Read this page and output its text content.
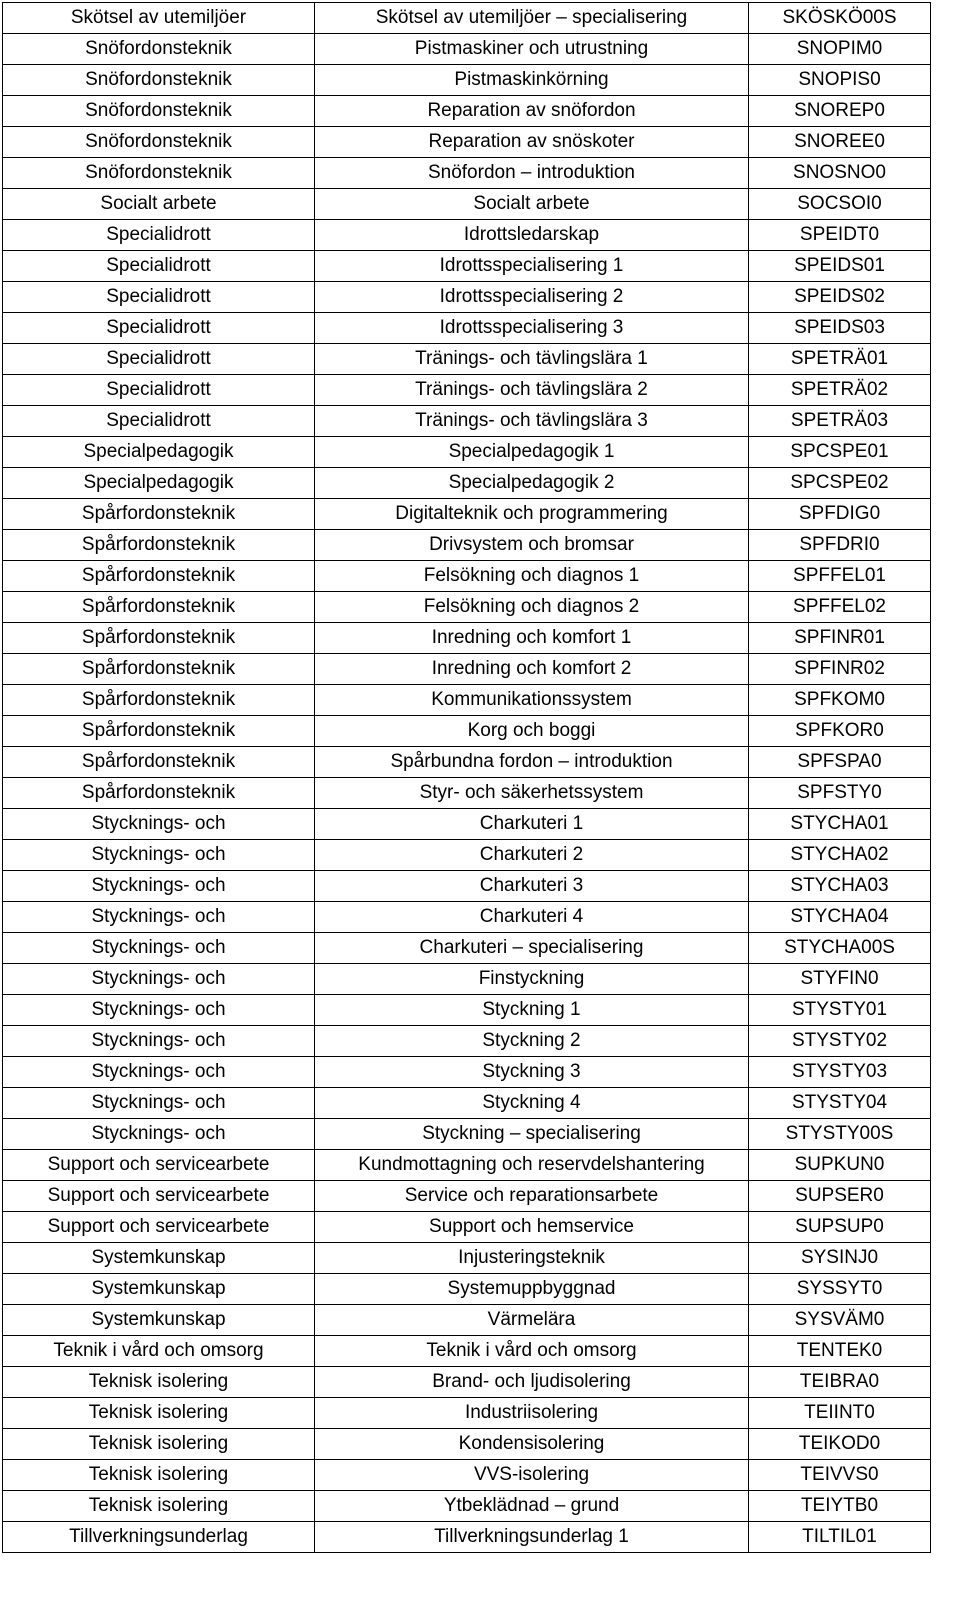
Skötsel av utemiljöer	Skötsel av utemiljöer – specialisering	SKÖSKÖ00S
Snöfordonsteknik	Pistmaskiner och utrustning	SNOPIM0
Snöfordonsteknik	Pistmaskinkörning	SNOPIS0
Snöfordonsteknik	Reparation av snöfordon	SNOREP0
Snöfordonsteknik	Reparation av snöskoter	SNOREE0
Snöfordonsteknik	Snöfordon – introduktion	SNOSNO0
Socialt arbete	Socialt arbete	SOCSOI0
Specialidrott	Idrottsledarskap	SPEIDT0
Specialidrott	Idrottsspecialisering 1	SPEIDS01
Specialidrott	Idrottsspecialisering 2	SPEIDS02
Specialidrott	Idrottsspecialisering 3	SPEIDS03
Specialidrott	Tränings- och tävlingslära 1	SPETRÄ01
Specialidrott	Tränings- och tävlingslära 2	SPETRÄ02
Specialidrott	Tränings- och tävlingslära 3	SPETRÄ03
Specialpedagogik	Specialpedagogik 1	SPCSPE01
Specialpedagogik	Specialpedagogik 2	SPCSPE02
Spårfordonsteknik	Digitalteknik och programmering	SPFDIG0
Spårfordonsteknik	Drivsystem och bromsar	SPFDRI0
Spårfordonsteknik	Felsökning och diagnos 1	SPFFEL01
Spårfordonsteknik	Felsökning och diagnos 2	SPFFEL02
Spårfordonsteknik	Inredning och komfort 1	SPFINR01
Spårfordonsteknik	Inredning och komfort 2	SPFINR02
Spårfordonsteknik	Kommunikationssystem	SPFKOM0
Spårfordonsteknik	Korg och boggi	SPFKOR0
Spårfordonsteknik	Spårbundna fordon – introduktion	SPFSPA0
Spårfordonsteknik	Styr- och säkerhetssystem	SPFSTY0
Stycknings- och	Charkuteri 1	STYCHA01
Stycknings- och	Charkuteri 2	STYCHA02
Stycknings- och	Charkuteri 3	STYCHA03
Stycknings- och	Charkuteri 4	STYCHA04
Stycknings- och	Charkuteri – specialisering	STYCHA00S
Stycknings- och	Finstyckning	STYFIN0
Stycknings- och	Styckning 1	STYSTY01
Stycknings- och	Styckning 2	STYSTY02
Stycknings- och	Styckning 3	STYSTY03
Stycknings- och	Styckning 4	STYSTY04
Stycknings- och	Styckning – specialisering	STYSTY00S
Support och servicearbete	Kundmottagning och reservdelshantering	SUPKUN0
Support och servicearbete	Service och reparationsarbete	SUPSER0
Support och servicearbete	Support och hemservice	SUPSUP0
Systemkunskap	Injusteringsteknik	SYSINJ0
Systemkunskap	Systemuppbyggnad	SYSSYT0
Systemkunskap	Värmelära	SYSVÄM0
Teknik i vård och omsorg	Teknik i vård och omsorg	TENTEK0
Teknisk isolering	Brand- och ljudisolering	TEIBRA0
Teknisk isolering	Industriisolering	TEIINT0
Teknisk isolering	Kondensisolering	TEIKOD0
Teknisk isolering	VVS-isolering	TEIVVS0
Teknisk isolering	Ytbeklädnad – grund	TEIYTB0
Tillverkningsunderlag	Tillverkningsunderlag 1	TILTIL01
